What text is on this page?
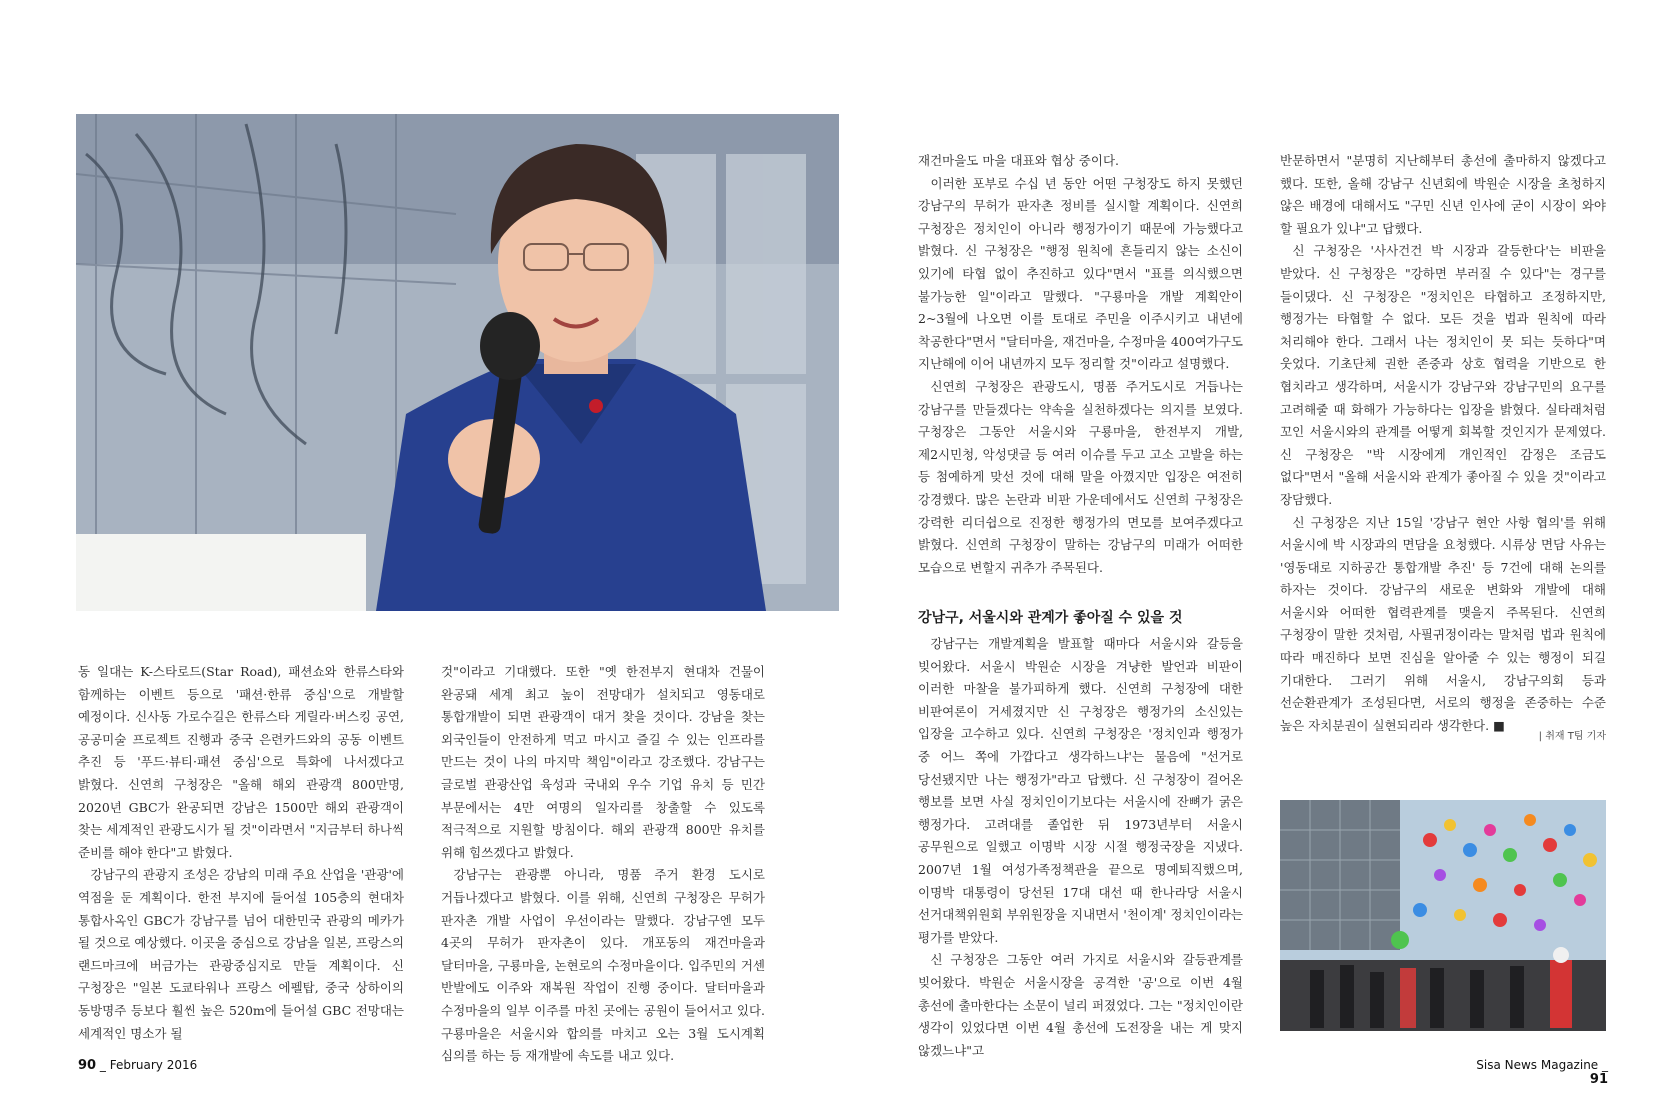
동 일대는 K-스타로드(Star Road), 패션쇼와 한류스타와 함께하는 이벤트 등으로 '패션·한류 중심'으로 개발할 예정이다. 신사동 가로수길은 한류스타 게릴라·버스킹 공연, 공공미술 프로젝트 진행과 중국 은련카드와의 공동 이벤트 추진 등 '푸드·뷰티·패션 중심'으로 특화에 나서겠다고 밝혔다. 신연희 구청장은 "올해 해외 관광객 800만명, 2020년 GBC가 완공되면 강남은 1500만 해외 관광객이 찾는 세계적인 관광도시가 될 것"이라면서 "지금부터 하나씩 준비를 해야 한다"고 밝혔다.

강남구의 관광지 조성은 강남의 미래 주요 산업을 '관광'에 역점을 둔 계획이다. 한전 부지에 들어설 105층의 현대차 통합사옥인 GBC가 강남구를 넘어 대한민국 관광의 메카가 될 것으로 예상했다. 이곳을 중심으로 강남을 일본, 프랑스의 랜드마크에 버금가는 관광중심지로 만들 계획이다. 신 구청장은 "일본 도쿄타워나 프랑스 에펠탑, 중국 상하이의 동방명주 등보다 훨씬 높은 520m에 들어설 GBC 전망대는 세계적인 명소가 될

것"이라고 기대했다. 또한 "옛 한전부지 현대차 건물이 완공돼 세계 최고 높이 전망대가 설치되고 영동대로 통합개발이 되면 관광객이 대거 찾을 것이다. 강남을 찾는 외국인들이 안전하게 먹고 마시고 즐길 수 있는 인프라를 만드는 것이 나의 마지막 책임"이라고 강조했다. 강남구는 글로벌 관광산업 육성과 국내외 우수 기업 유치 등 민간 부문에서는 4만 여명의 일자리를 창출할 수 있도록 적극적으로 지원할 방침이다. 해외 관광객 800만 유치를 위해 힘쓰겠다고 밝혔다.

강남구는 관광뿐 아니라, 명품 주거 환경 도시로 거듭나겠다고 밝혔다. 이를 위해, 신연희 구청장은 무허가 판자촌 개발 사업이 우선이라는 말했다. 강남구엔 모두 4곳의 무허가 판자촌이 있다. 개포동의 재건마을과 달터마을, 구룡마을, 논현로의 수정마을이다. 입주민의 거센 반발에도 이주와 재복원 작업이 진행 중이다. 달터마을과 수정마을의 일부 이주를 마친 곳에는 공원이 들어서고 있다. 구룡마을은 서울시와 합의를 마치고 오는 3월 도시계획 심의를 하는 등 재개발에 속도를 내고 있다.

재건마을도 마을 대표와 협상 중이다.

이러한 포부로 수십 년 동안 어떤 구청장도 하지 못했던 강남구의 무허가 판자촌 정비를 실시할 계획이다. 신연희 구청장은 정치인이 아니라 행정가이기 때문에 가능했다고 밝혔다. 신 구청장은 "행정 원칙에 흔들리지 않는 소신이 있기에 타협 없이 추진하고 있다"면서 "표를 의식했으면 불가능한 일"이라고 말했다. "구룡마을 개발 계획안이 2~3월에 나오면 이를 토대로 주민을 이주시키고 내년에 착공한다"면서 "달터마을, 재건마을, 수정마을 400여가구도 지난해에 이어 내년까지 모두 정리할 것"이라고 설명했다.

신연희 구청장은 관광도시, 명품 주거도시로 거듭나는 강남구를 만들겠다는 약속을 실천하겠다는 의지를 보였다. 구청장은 그동안 서울시와 구룡마을, 한전부지 개발, 제2시민청, 악성댓글 등 여러 이슈를 두고 고소 고발을 하는 등 첨예하게 맞선 것에 대해 말을 아꼈지만 입장은 여전히 강경했다. 많은 논란과 비판 가운데에서도 신연희 구청장은 강력한 리더쉽으로 진정한 행정가의 면모를 보여주겠다고 밝혔다. 신연희 구청장이 말하는 강남구의 미래가 어떠한 모습으로 변할지 귀추가 주목된다.

강남구, 서울시와 관계가 좋아질 수 있을 것

강남구는 개발계획을 발표할 때마다 서울시와 갈등을 빚어왔다. 서울시 박원순 시장을 겨냥한 발언과 비판이 이러한 마찰을 불가피하게 했다. 신연희 구청장에 대한 비판여론이 거세졌지만 신 구청장은 행정가의 소신있는 입장을 고수하고 있다. 신연희 구청장은 '정치인과 행정가 중 어느 쪽에 가깝다고 생각하느냐'는 물음에 "선거로 당선됐지만 나는 행정가"라고 답했다. 신 구청장이 걸어온 행보를 보면 사실 정치인이기보다는 서울시에 잔뼈가 굵은 행정가다. 고려대를 졸업한 뒤 1973년부터 서울시 공무원으로 일했고 이명박 시장 시절 행정국장을 지냈다. 2007년 1월 여성가족정책관을 끝으로 명예퇴직했으며, 이명박 대통령이 당선된 17대 대선 때 한나라당 서울시 선거대책위원회 부위원장을 지내면서 '천이계' 정치인이라는 평가를 받았다.

신 구청장은 그동안 여러 가지로 서울시와 갈등관계를 빚어왔다. 박원순 서울시장을 공격한 '공'으로 이번 4월 총선에 출마한다는 소문이 널리 퍼졌었다. 그는 "정치인이란 생각이 있었다면 이번 4월 총선에 도전장을 내는 게 맞지 않겠느냐"고

반문하면서 "분명히 지난해부터 총선에 출마하지 않겠다고 했다. 또한, 올해 강남구 신년회에 박원순 시장을 초청하지 않은 배경에 대해서도 "구민 신년 인사에 굳이 시장이 와야 할 필요가 있냐"고 답했다.

신 구청장은 '사사건건 박 시장과 갈등한다'는 비판을 받았다. 신 구청장은 "강하면 부러질 수 있다"는 경구를 들이댔다. 신 구청장은 "정치인은 타협하고 조정하지만, 행정가는 타협할 수 없다. 모든 것을 법과 원칙에 따라 처리해야 한다. 그래서 나는 정치인이 못 되는 듯하다"며 웃었다. 기초단체 권한 존중과 상호 협력을 기반으로 한 협치라고 생각하며, 서울시가 강남구와 강남구민의 요구를 고려해줄 때 화해가 가능하다는 입장을 밝혔다. 실타래처럼 꼬인 서울시와의 관계를 어떻게 회복할 것인지가 문제였다. 신 구청장은 "박 시장에게 개인적인 감정은 조금도 없다"면서 "올해 서울시와 관계가 좋아질 수 있을 것"이라고 장담했다.

신 구청장은 지난 15일 '강남구 현안 사항 협의'를 위해 서울시에 박 시장과의 면담을 요청했다. 시류상 면담 사유는 '영동대로 지하공간 통합개발 추진' 등 7건에 대해 논의를 하자는 것이다. 강남구의 새로운 변화와 개발에 대해 서울시와 어떠한 협력관계를 맺을지 주목된다. 신연희 구청장이 말한 것처럼, 사필귀정이라는 말처럼 법과 원칙에 따라 매진하다 보면 진심을 알아줄 수 있는 행정이 되길 기대한다. 그러기 위해 서울시, 강남구의회 등과 선순환관계가 조성된다면, 서로의 행정을 존중하는 수준 높은 자치분권이 실현되리라 생각한다. ■

| 취재 T팀 기자
90 _ February 2016	Sisa News Magazine _ 91
